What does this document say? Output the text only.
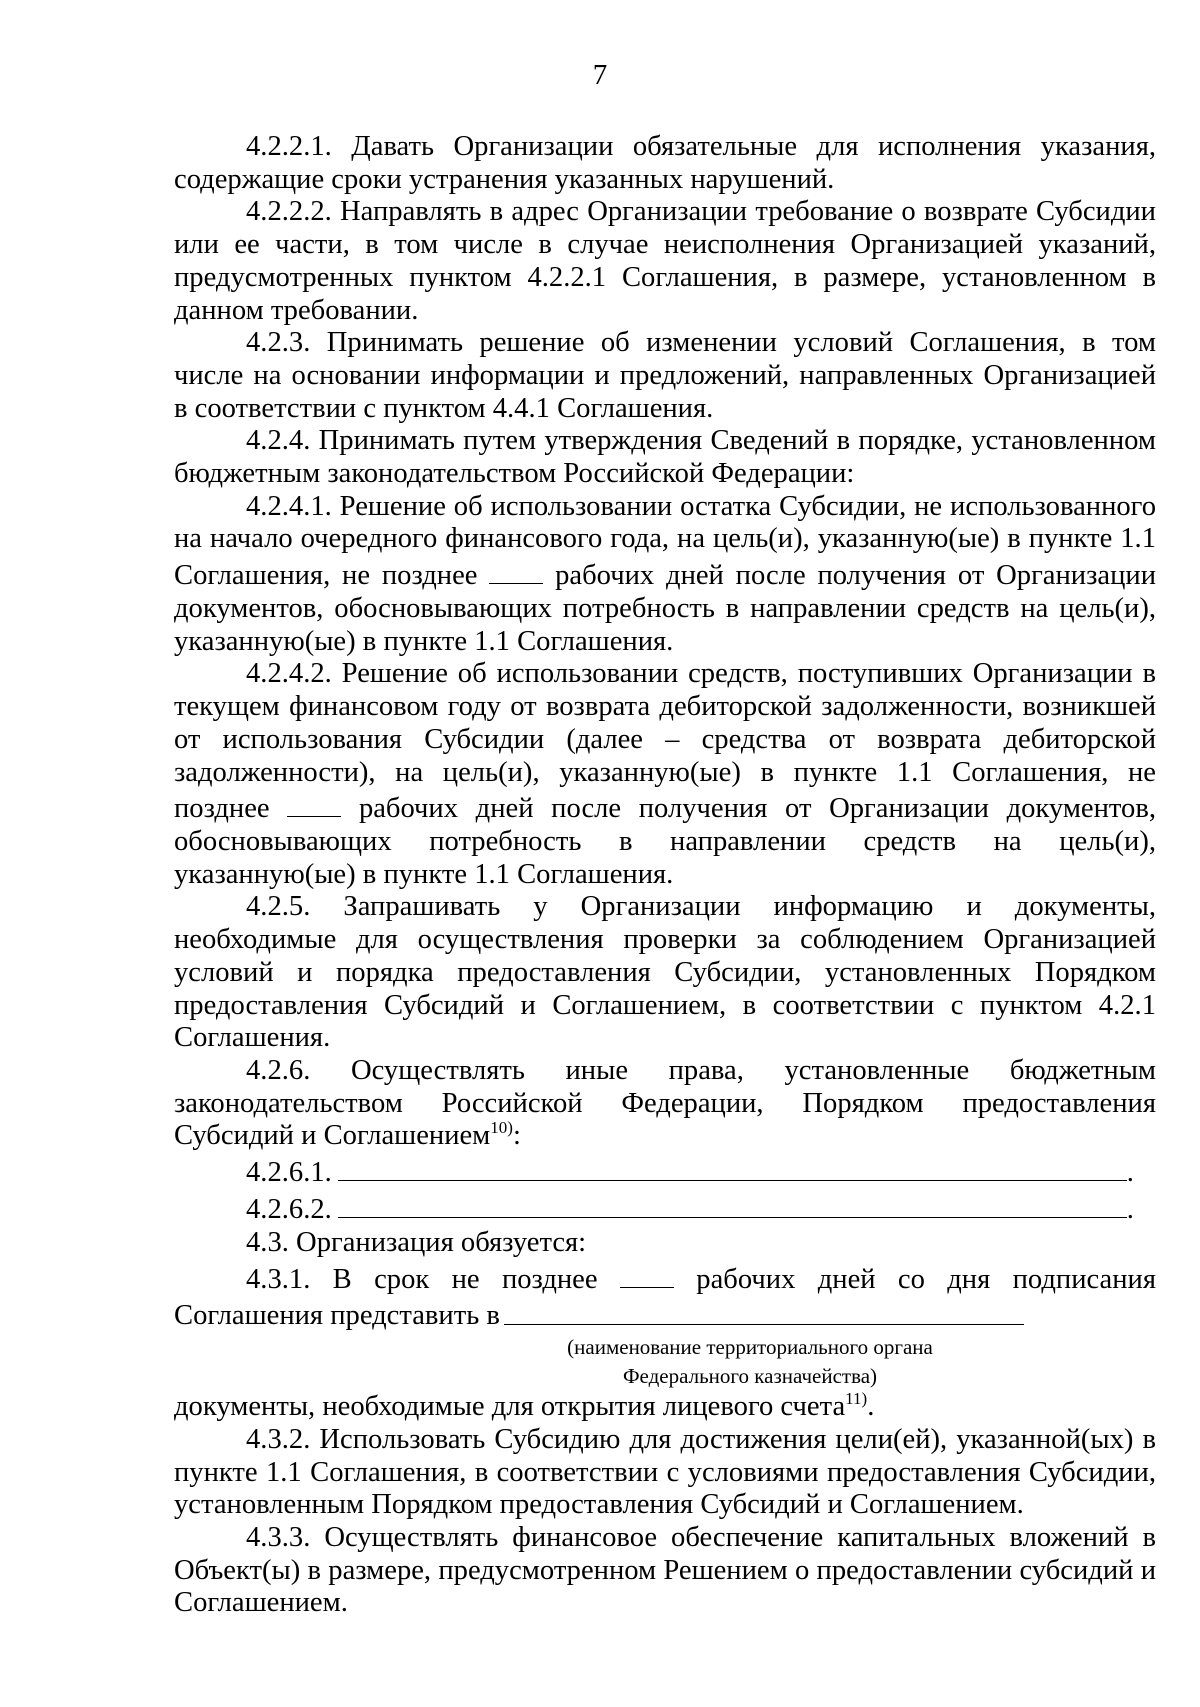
7

4.2.2.1. Давать Организации обязательные для исполнения указания, содержащие сроки устранения указанных нарушений.

4.2.2.2. Направлять в адрес Организации требование о возврате Субсидии или ее части, в том числе в случае неисполнения Организацией указаний, предусмотренных пунктом 4.2.2.1 Соглашения, в размере, установленном в данном требовании.

4.2.3. Принимать решение об изменении условий Соглашения, в том числе на основании информации и предложений, направленных Организацией в соответствии с пунктом 4.4.1 Соглашения.

4.2.4. Принимать путем утверждения Сведений в порядке, установленном бюджетным законодательством Российской Федерации:

4.2.4.1. Решение об использовании остатка Субсидии, не использованного на начало очередного финансового года, на цель(и), указанную(ые) в пункте 1.1 Соглашения, не позднее	рабочих дней после получения от Организации документов, обосновывающих потребность в направлении средств на цель(и), указанную(ые) в пункте 1.1 Соглашения.

4.2.4.2. Решение об использовании средств, поступивших Организации в текущем финансовом году от возврата дебиторской задолженности, возникшей от использования Субсидии (далее – средства от возврата дебиторской задолженности), на цель(и), указанную(ые) в пункте 1.1 Соглашения, не позднее	рабочих дней после получения от Организации документов, обосновывающих потребность в направлении средств на цель(и), указанную(ые) в пункте 1.1 Соглашения.

4.2.5. Запрашивать у Организации информацию и документы, необходимые для осуществления проверки за соблюдением Организацией условий и порядка предоставления Субсидии, установленных Порядком предоставления Субсидий и Соглашением, в соответствии с пунктом 4.2.1 Соглашения.

4.2.6. Осуществлять иные права, установленные бюджетным законодательством Российской Федерации, Порядком предоставления Субсидий и Соглашением$^{10)}$:

4.2.6.1.	.

4.2.6.2.	.

4.3. Организация обязуется:

4.3.1. В срок не позднее	рабочих дней со дня подписания Соглашения представить в

(наименование территориального органа

Федерального казначейства)

документы, необходимые для открытия лицевого счета$^{11)}$.

4.3.2. Использовать Субсидию для достижения цели(ей), указанной(ых) в пункте 1.1 Соглашения, в соответствии с условиями предоставления Субсидии, установленным Порядком предоставления Субсидий и Соглашением.

4.3.3. Осуществлять финансовое обеспечение капитальных вложений в Объект(ы) в размере, предусмотренном Решением о предоставлении субсидий и Соглашением.
